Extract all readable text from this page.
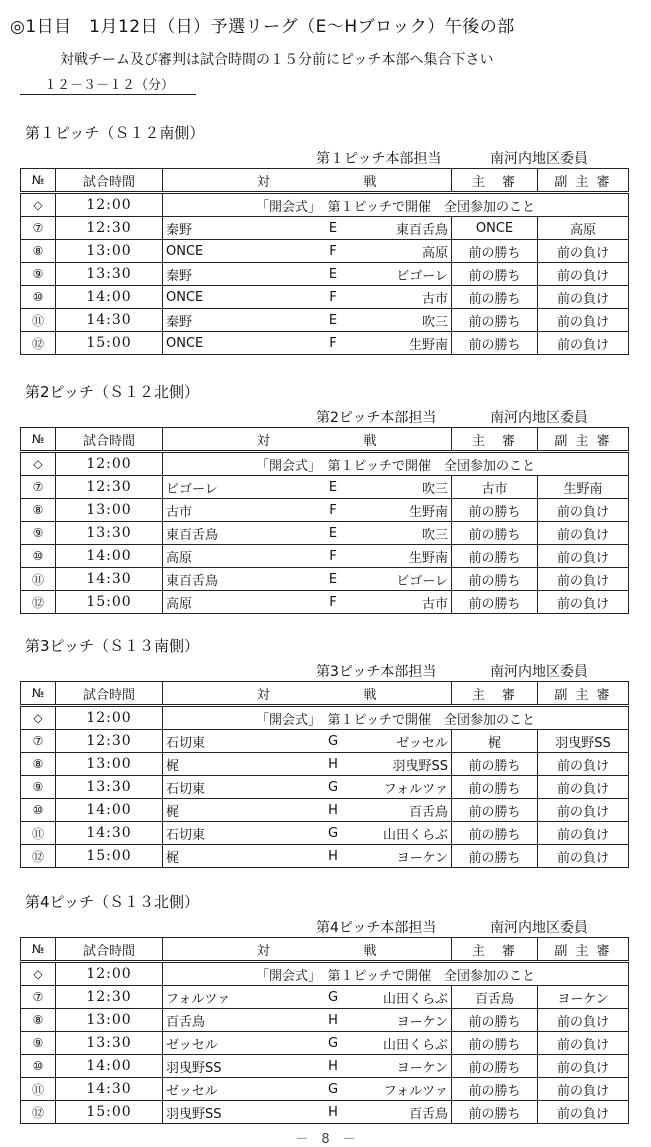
◎1日目　1月12日（日）予選リーグ（E～Hブロック）午後の部
対戦チーム及び審判は試合時間の１５分前にピッチ本部へ集合下さい
１２－３－１２（分）
第１ピッチ（Ｓ１２南側）
第１ピッチ本部担当	南河内地区委員
№	試合時間	対		戦	主　審	副 主 審
◇	12:00	「開会式」　第１ピッチで開催　全団参加のこと				
⑦	12:30	秦野	E	東百舌鳥	ONCE	高原
⑧	13:00	ONCE	F	高原	前の勝ち	前の負け
⑨	13:30	秦野	E	ビゴーレ	前の勝ち	前の負け
⑩	14:00	ONCE	F	古市	前の勝ち	前の負け
⑪	14:30	秦野	E	吹三	前の勝ち	前の負け
⑫	15:00	ONCE	F	生野南	前の勝ち	前の負け
第2ピッチ（Ｓ１２北側）
第2ピッチ本部担当	南河内地区委員
№	試合時間	対		戦	主　審	副 主 審
◇	12:00	「開会式」　第１ピッチで開催　全団参加のこと				
⑦	12:30	ビゴーレ	E	吹三	古市	生野南
⑧	13:00	古市	F	生野南	前の勝ち	前の負け
⑨	13:30	東百舌鳥	E	吹三	前の勝ち	前の負け
⑩	14:00	高原	F	生野南	前の勝ち	前の負け
⑪	14:30	東百舌鳥	E	ビゴーレ	前の勝ち	前の負け
⑫	15:00	高原	F	古市	前の勝ち	前の負け
第3ピッチ（Ｓ１３南側）
第3ピッチ本部担当	南河内地区委員
№	試合時間	対		戦	主　審	副 主 審
◇	12:00	「開会式」　第１ピッチで開催　全団参加のこと				
⑦	12:30	石切東	G	ゼッセル	梶	羽曳野SS
⑧	13:00	梶	H	羽曳野SS	前の勝ち	前の負け
⑨	13:30	石切東	G	フォルツァ	前の勝ち	前の負け
⑩	14:00	梶	H	百舌鳥	前の勝ち	前の負け
⑪	14:30	石切東	G	山田くらぶ	前の勝ち	前の負け
⑫	15:00	梶	H	ヨーケン	前の勝ち	前の負け
第4ピッチ（Ｓ１３北側）
第4ピッチ本部担当	南河内地区委員
№	試合時間	対		戦	主　審	副 主 審
◇	12:00	「開会式」　第１ピッチで開催　全団参加のこと				
⑦	12:30	フォルツァ	G	山田くらぶ	百舌鳥	ヨーケン
⑧	13:00	百舌鳥	H	ヨーケン	前の勝ち	前の負け
⑨	13:30	ゼッセル	G	山田くらぶ	前の勝ち	前の負け
⑩	14:00	羽曳野SS	H	ヨーケン	前の勝ち	前の負け
⑪	14:30	ゼッセル	G	フォルツァ	前の勝ち	前の負け
⑫	15:00	羽曳野SS	H	百舌鳥	前の勝ち	前の負け
－　8　－
